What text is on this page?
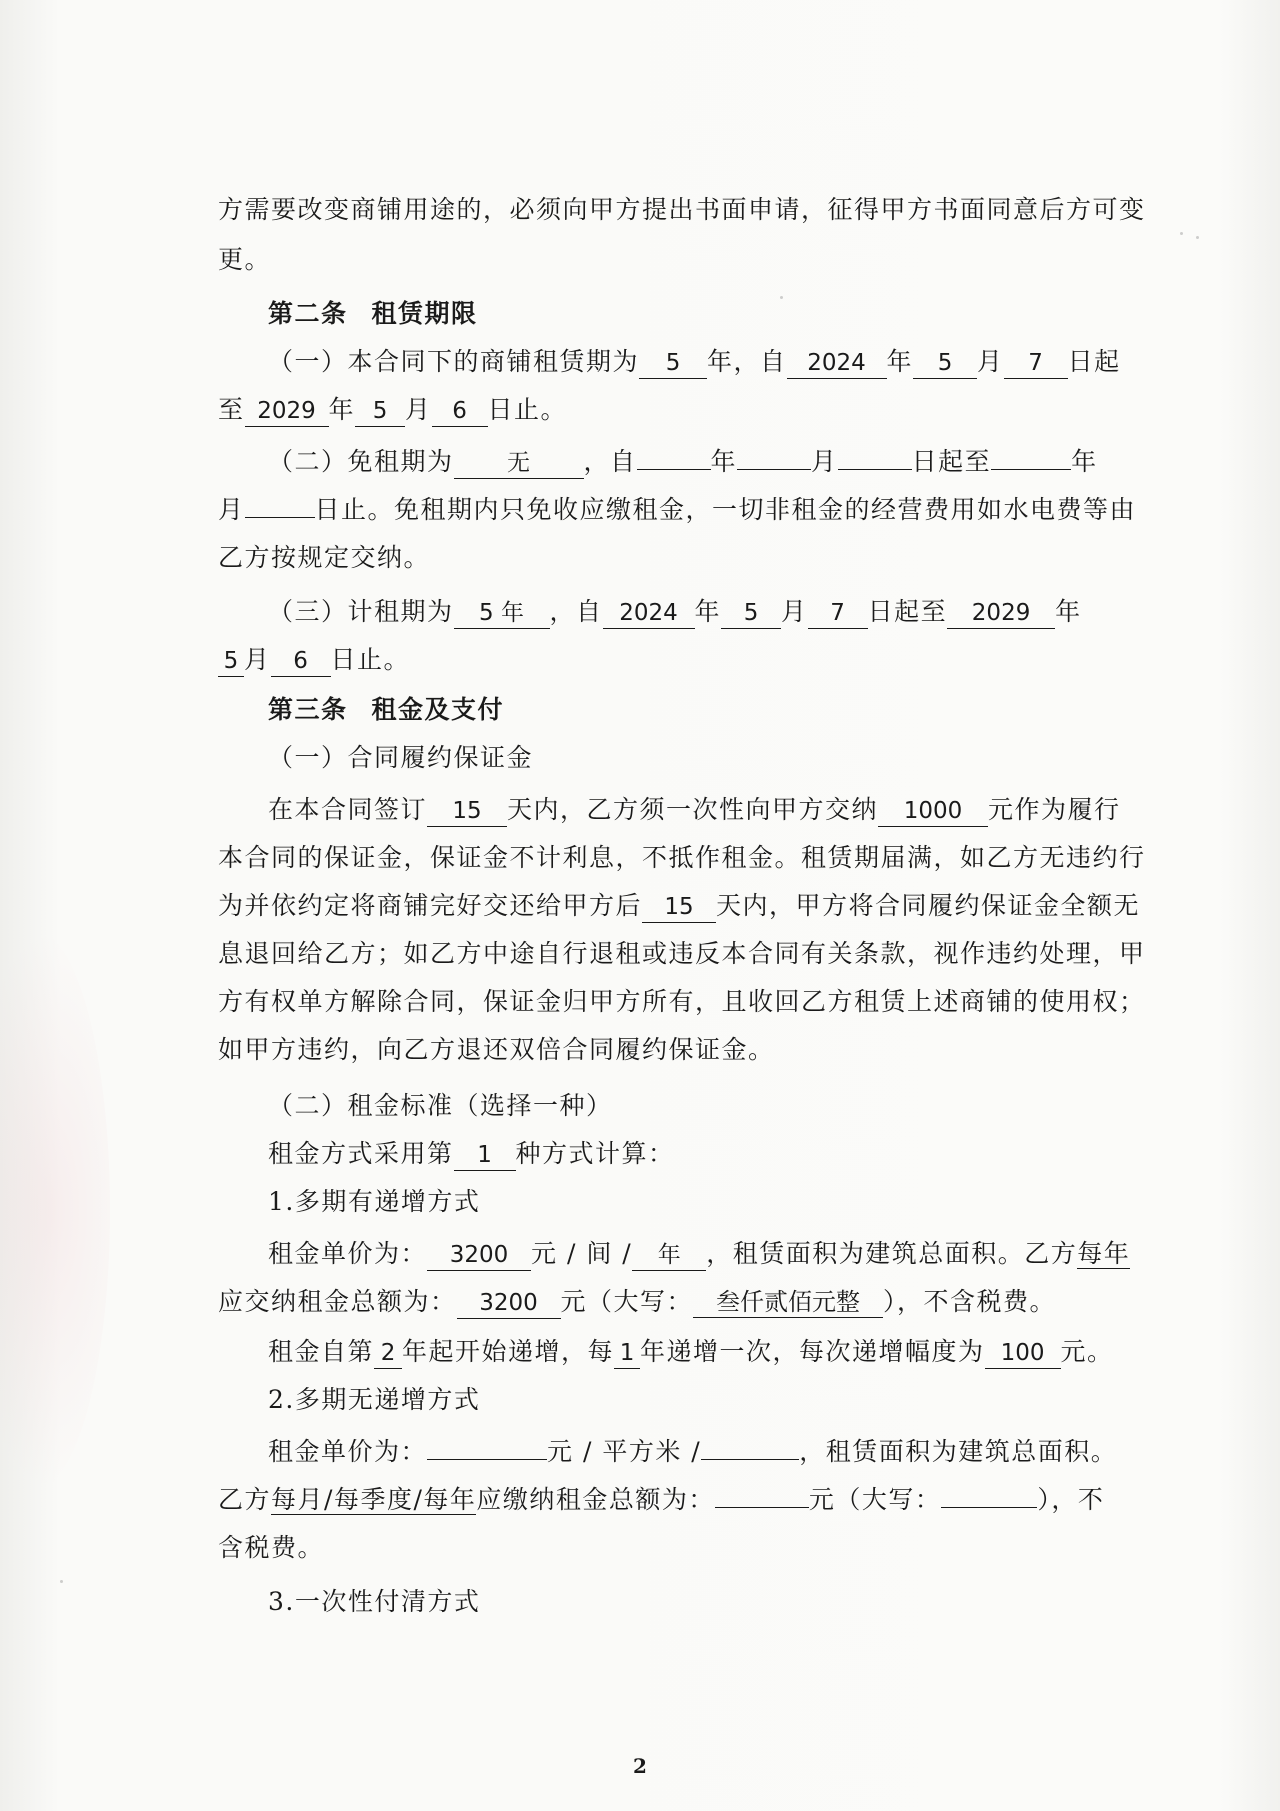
方需要改变商铺用途的，必须向甲方提出书面申请，征得甲方书面同意后方可变
更。
第二条 租赁期限
（一）本合同下的商铺租赁期为 5 年，自 2024 年 5 月 7 日起
至 2029 年 5 月 6 日止。
（二）免租期为 无 ，自	年	月	日起至	年
月	日止。免租期内只免收应缴租金，一切非租金的经营费用如水电费等由
乙方按规定交纳。
（三）计租期为 5 年 ，自 2024 年 5 月 7 日起至 2029 年
5 月 6 日止。
第三条 租金及支付
（一）合同履约保证金
在本合同签订 15 天内，乙方须一次性向甲方交纳 1000 元作为履行
本合同的保证金，保证金不计利息，不抵作租金。租赁期届满，如乙方无违约行
为并依约定将商铺完好交还给甲方后 15 天内，甲方将合同履约保证金全额无
息退回给乙方；如乙方中途自行退租或违反本合同有关条款，视作违约处理，甲
方有权单方解除合同，保证金归甲方所有，且收回乙方租赁上述商铺的使用权；
如甲方违约，向乙方退还双倍合同履约保证金。
（二）租金标准（选择一种）
租金方式采用第 1 种方式计算：
1.多期有递增方式
租金单价为： 3200 元 / 间 / 年 ，租赁面积为建筑总面积。乙方每年
应交纳租金总额为： 3200 元（大写： 叁仟贰佰元整 ），不含税费。
租金自第 2 年起开始递增，每 1 年递增一次，每次递增幅度为 100 元。
2.多期无递增方式
租金单价为：	元 / 平方米 /	，租赁面积为建筑总面积。
乙方每月/每季度/每年应缴纳租金总额为：	元（大写：	），不
含税费。
3.一次性付清方式
2
